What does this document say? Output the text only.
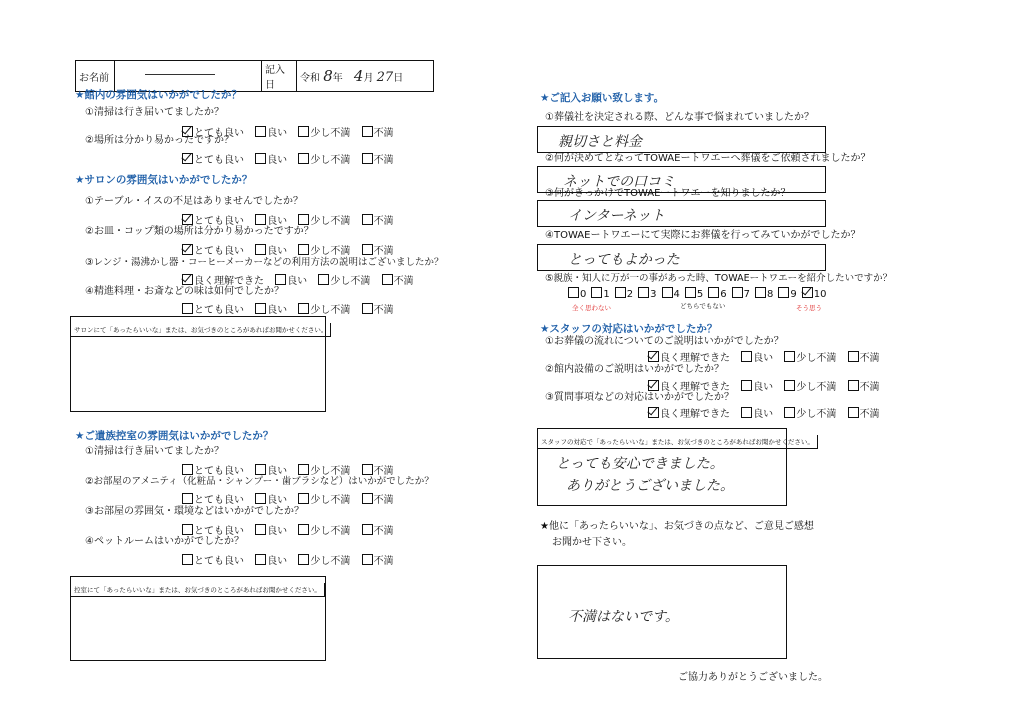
お名前	
	記入日	令和 8年 4月 27日
★館内の雰囲気はいかがでしたか？
①清掃は行き届いてましたか？
とても良い 良い 少し不満 不満
②場所は分かり易かったですか？
とても良い 良い 少し不満 不満
★サロンの雰囲気はいかがでしたか？
①テーブル・イスの不足はありませんでしたか？
とても良い 良い 少し不満 不満
②お皿・コップ類の場所は分かり易かったですか？
とても良い 良い 少し不満 不満
③レンジ・湯沸かし器・コーヒーメーカーなどの利用方法の説明はございましたか？
良く理解できた 良い 少し不満 不満
④精進料理・お斎などの味は如何でしたか？
とても良い 良い 少し不満 不満
サロンにて「あったらいいな」または、お気づきのところがあればお聞かせください。
★ご遺族控室の雰囲気はいかがでしたか？
①清掃は行き届いてましたか？
とても良い 良い 少し不満 不満
②お部屋のアメニティ（化粧品・シャンプー・歯ブラシなど）はいかがでしたか？
とても良い 良い 少し不満 不満
③お部屋の雰囲気・環境などはいかがでしたか？
とても良い 良い 少し不満 不満
④ペットルームはいかがでしたか？
とても良い 良い 少し不満 不満
控室にて「あったらいいな」または、お気づきのところがあればお聞かせください。
★ご記入お願い致します。
①葬儀社を決定される際、どんな事で悩まれていましたか？
親切さと料金
②何が決めてとなってTOWAEートワエーへ葬儀をご依頼されましたか？
ネットでの口コミ
③何がきっかけでTOWAEートワエーを知りましたか？
インターネット
④TOWAEートワエーにて実際にお葬儀を行ってみていかがでしたか？
とってもよかった
⑤親族・知人に万が一の事があった時、TOWAEートワエーを紹介したいですか？
0	1	2	3	4	5	6	7	8	9	10
全く思わない	どちらでもない	そう思う
★スタッフの対応はいかがでしたか？
①お葬儀の流れについてのご説明はいかがでしたか？
良く理解できた 良い 少し不満 不満
②館内設備のご説明はいかがでしたか？
良く理解できた 良い 少し不満 不満
③質問事項などの対応はいかがでしたか？
良く理解できた 良い 少し不満 不満
スタッフの対応で「あったらいいな」または、お気づきのところがあればお聞かせください。
とっても安心できました。
ありがとうございました。
★他に「あったらいいな」、お気づきの点など、ご意見ご感想
お聞かせ下さい。
不満はないです。
ご協力ありがとうございました。
